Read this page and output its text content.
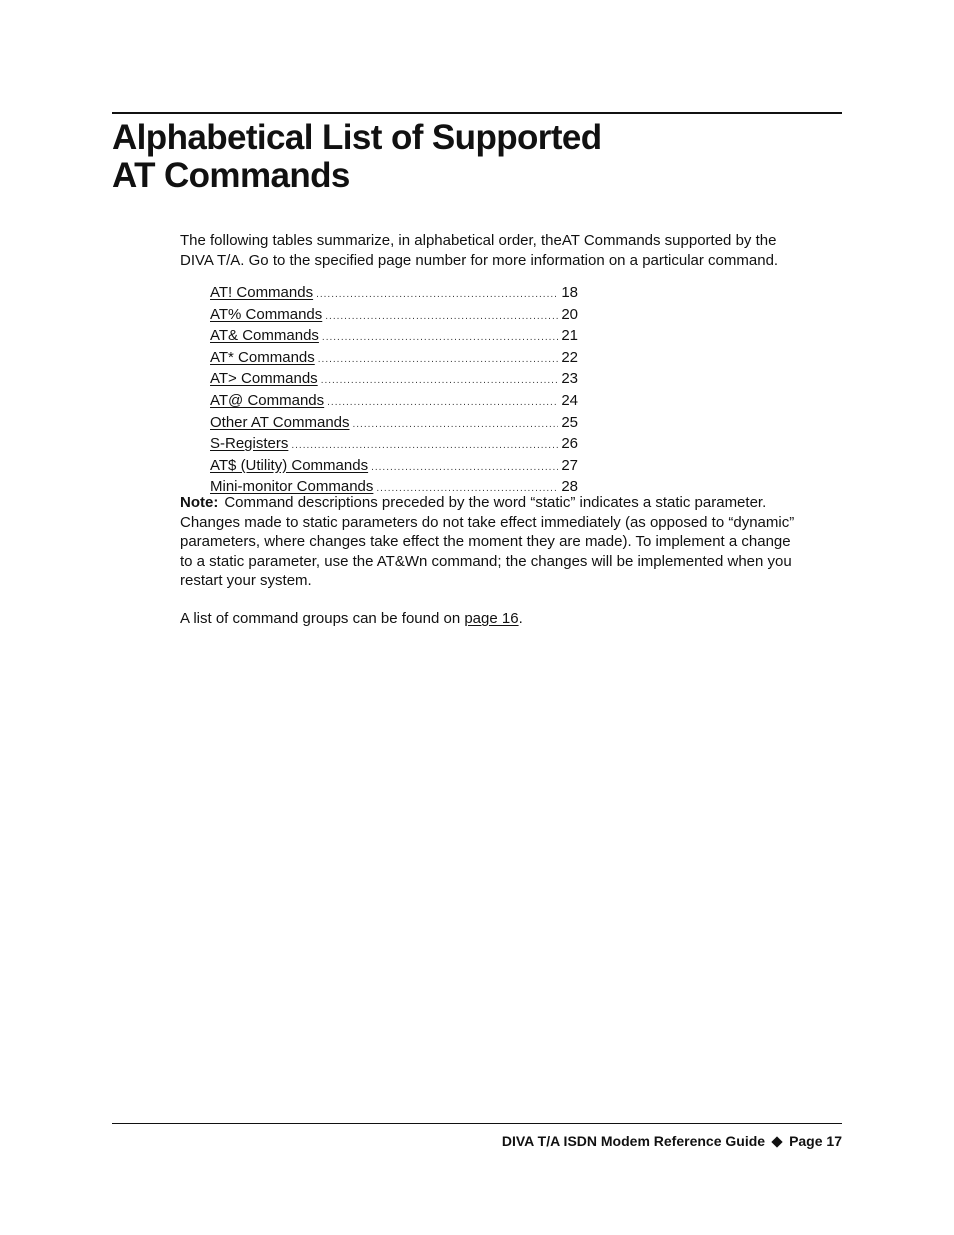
Alphabetical List of Supported
AT Commands
The following tables summarize, in alphabetical order, theAT Commands supported by the
DIVA T/A. Go to the specified page number for more information on a particular command.
AT! Commands .....	18
AT% Commands .....	20
AT& Commands .....	21
AT* Commands .....	22
AT> Commands .....	23
AT@ Commands .....	24
Other AT Commands .....	25
S-Registers .....	26
AT$ (Utility) Commands .....	27
Mini-monitor Commands .....	28
Note: Command descriptions preceded by the word “static” indicates a static parameter.
Changes made to static parameters do not take effect immediately (as opposed to “dynamic”
parameters, where changes take effect the moment they are made). To implement a change
to a static parameter, use the AT&Wn command; the changes will be implemented when you
restart your system.
A list of command groups can be found on page 16.
DIVA T/A ISDN Modem Reference Guide Page 17
